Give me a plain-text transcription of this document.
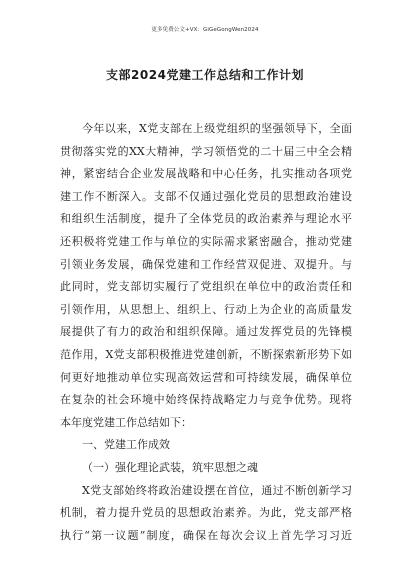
更多免费公文+VX：GiGeGongWen2024
支部2024党建工作总结和工作计划
今年以来，X党支部在上级党组织的坚强领导下，全面
贯彻落实党的XX大精神，学习领悟党的二十届三中全会精
神，紧密结合企业发展战略和中心任务，扎实推动各项党
建工作不断深入。支部不仅通过强化党员的思想政治建设
和组织生活制度，提升了全体党员的政治素养与理论水平
还积极将党建工作与单位的实际需求紧密融合，推动党建
引领业务发展，确保党建和工作经营双促进、双提升。与
此同时，党支部切实履行了党组织在单位中的政治责任和
引领作用，从思想上、组织上、行动上为企业的高质量发
展提供了有力的政治和组织保障。通过发挥党员的先锋模
范作用，X党支部积极推进党建创新，不断探索新形势下如
何更好地推动单位实现高效运营和可持续发展，确保单位
在复杂的社会环境中始终保持战略定力与竞争优势。现将
本年度党建工作总结如下：
一、党建工作成效
（一）强化理论武装，筑牢思想之魂
X党支部始终将政治建设摆在首位，通过不断创新学习
机制，着力提升党员的思想政治素养。为此，党支部严格
执行“第一议题”制度，确保在每次会议上首先学习习近
